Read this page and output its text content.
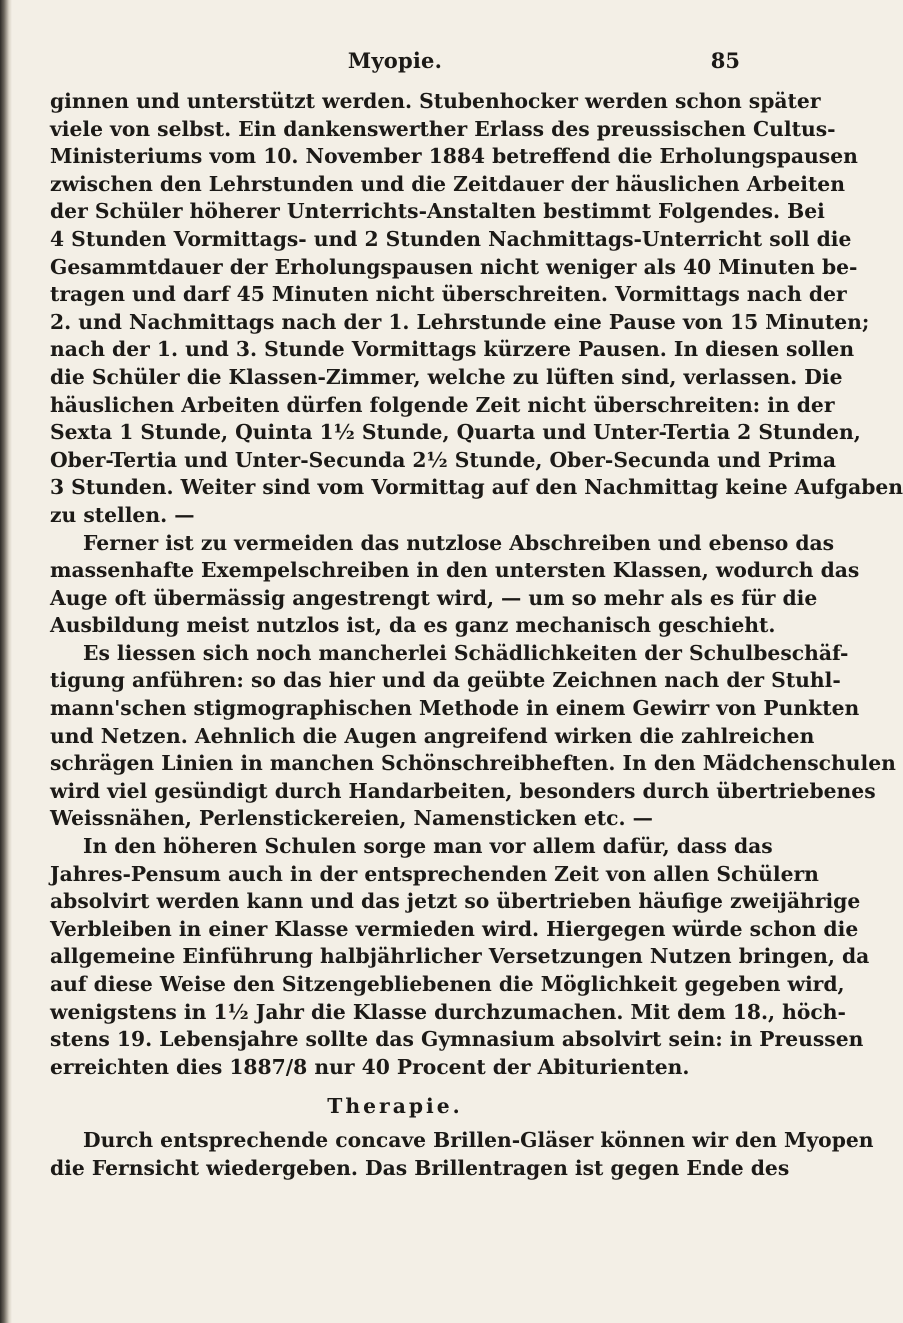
Myopie.	85
ginnen und unterstützt werden. Stubenhocker werden schon später
viele von selbst. Ein dankenswerther Erlass des preussischen Cultus-
Ministeriums vom 10. November 1884 betreffend die Erholungspausen
zwischen den Lehrstunden und die Zeitdauer der häuslichen Arbeiten
der Schüler höherer Unterrichts-Anstalten bestimmt Folgendes. Bei
4 Stunden Vormittags- und 2 Stunden Nachmittags-Unterricht soll die
Gesammtdauer der Erholungspausen nicht weniger als 40 Minuten be-
tragen und darf 45 Minuten nicht überschreiten. Vormittags nach der
2. und Nachmittags nach der 1. Lehrstunde eine Pause von 15 Minuten;
nach der 1. und 3. Stunde Vormittags kürzere Pausen. In diesen sollen
die Schüler die Klassen-Zimmer, welche zu lüften sind, verlassen. Die
häuslichen Arbeiten dürfen folgende Zeit nicht überschreiten: in der
Sexta 1 Stunde, Quinta 1½ Stunde, Quarta und Unter-Tertia 2 Stunden,
Ober-Tertia und Unter-Secunda 2½ Stunde, Ober-Secunda und Prima
3 Stunden. Weiter sind vom Vormittag auf den Nachmittag keine Aufgaben
zu stellen. —
Ferner ist zu vermeiden das nutzlose Abschreiben und ebenso das
massenhafte Exempelschreiben in den untersten Klassen, wodurch das
Auge oft übermässig angestrengt wird, — um so mehr als es für die
Ausbildung meist nutzlos ist, da es ganz mechanisch geschieht.
Es liessen sich noch mancherlei Schädlichkeiten der Schulbeschäf-
tigung anführen: so das hier und da geübte Zeichnen nach der Stuhl-
mann'schen stigmographischen Methode in einem Gewirr von Punkten
und Netzen. Aehnlich die Augen angreifend wirken die zahlreichen
schrägen Linien in manchen Schönschreibheften. In den Mädchenschulen
wird viel gesündigt durch Handarbeiten, besonders durch übertriebenes
Weissnähen, Perlenstickereien, Namensticken etc. —
In den höheren Schulen sorge man vor allem dafür, dass das
Jahres-Pensum auch in der entsprechenden Zeit von allen Schülern
absolvirt werden kann und das jetzt so übertrieben häufige zweijährige
Verbleiben in einer Klasse vermieden wird. Hiergegen würde schon die
allgemeine Einführung halbjährlicher Versetzungen Nutzen bringen, da
auf diese Weise den Sitzengebliebenen die Möglichkeit gegeben wird,
wenigstens in 1½ Jahr die Klasse durchzumachen. Mit dem 18., höch-
stens 19. Lebensjahre sollte das Gymnasium absolvirt sein: in Preussen
erreichten dies 1887/8 nur 40 Procent der Abiturienten.
Therapie.
Durch entsprechende concave Brillen-Gläser können wir den Myopen
die Fernsicht wiedergeben. Das Brillentragen ist gegen Ende des
